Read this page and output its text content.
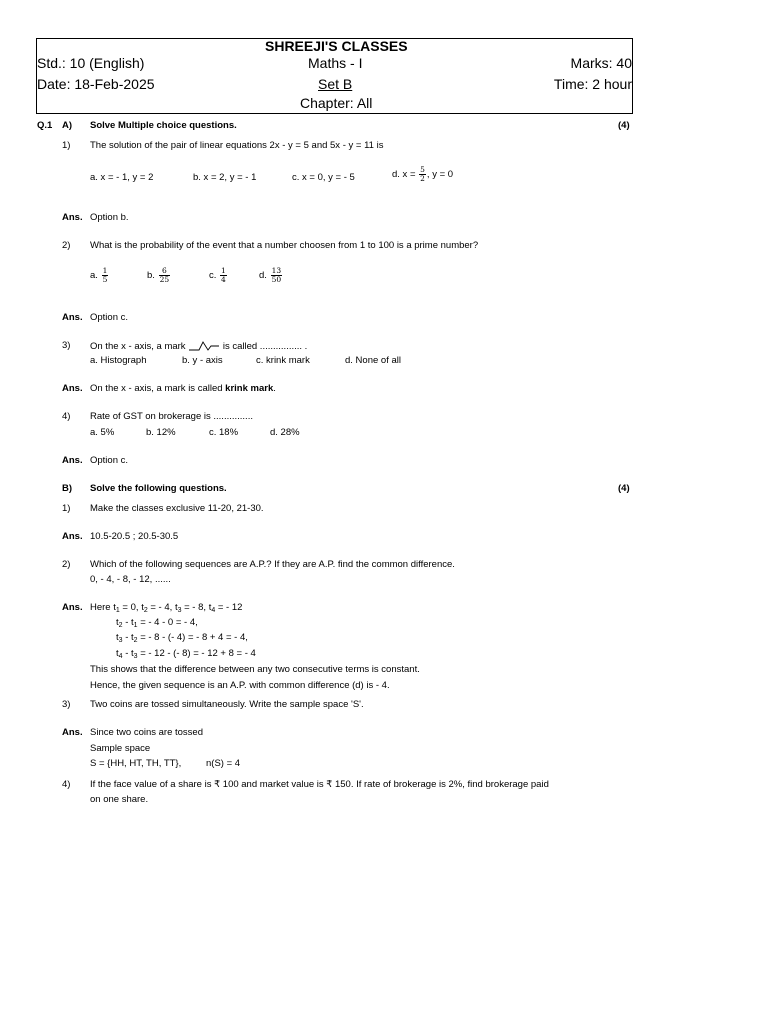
SHREEJI'S CLASSES
Std.: 10 (English)	Maths - I	Marks: 40
Date: 18-Feb-2025	Set B	Time: 2 hour
Chapter: All
Q.1 A) Solve Multiple choice questions.	(4)
1) The solution of the pair of linear equations 2x - y = 5 and 5x - y = 11 is
a. x = - 1, y = 2	b. x = 2, y = - 1	c. x = 0, y = - 5	d. $x = \frac{5}{2}$ , y = 0
Ans. Option b.
2) What is the probability of the event that a number choosen from 1 to 100 is a prime number?
a. $\frac{1}{5}$	b. $\frac{6}{25}$	c. $\frac{1}{4}$	d. $\frac{13}{50}$
Ans. Option c.
3) On the x - axis, a mark	is called ................ .
a. Histograph	b. y - axis	c. krink mark	d. None of all
Ans. On the x - axis, a mark is called krink mark.
4) Rate of GST on brokerage is ...............
a. 5%	b. 12%	c. 18%	d. 28%
Ans. Option c.
B) Solve the following questions.	(4)
1) Make the classes exclusive 11-20, 21-30.
Ans. 10.5-20.5 ; 20.5-30.5
2) Which of the following sequences are A.P.? If they are A.P. find the common difference.
0, - 4, - 8, - 12, ......
Ans. Here $t_1 = 0$, $t_2$ = - 4, $t_3$ = - 8, $t_4$ = - 12
$t_2 - t_1$ = - 4 - 0 = - 4,
$t_3 - t_2$ = - 8 - (- 4) = - 8 + 4 = - 4,
$t_4 - t_3$ = - 12 - (- 8) = - 12 + 8 = - 4
This shows that the difference between any two consecutive terms is constant.
Hence, the given sequence is an A.P. with common difference (d) is - 4.
3) Two coins are tossed simultaneously. Write the sample space 'S'.
Ans. Since two coins are tossed
Sample space
S = {HH, HT, TH, TT},	n(S) = 4
4) If the face value of a share is ₹ 100 and market value is ₹ 150. If rate of brokerage is 2%, find brokerage paid
on one share.
